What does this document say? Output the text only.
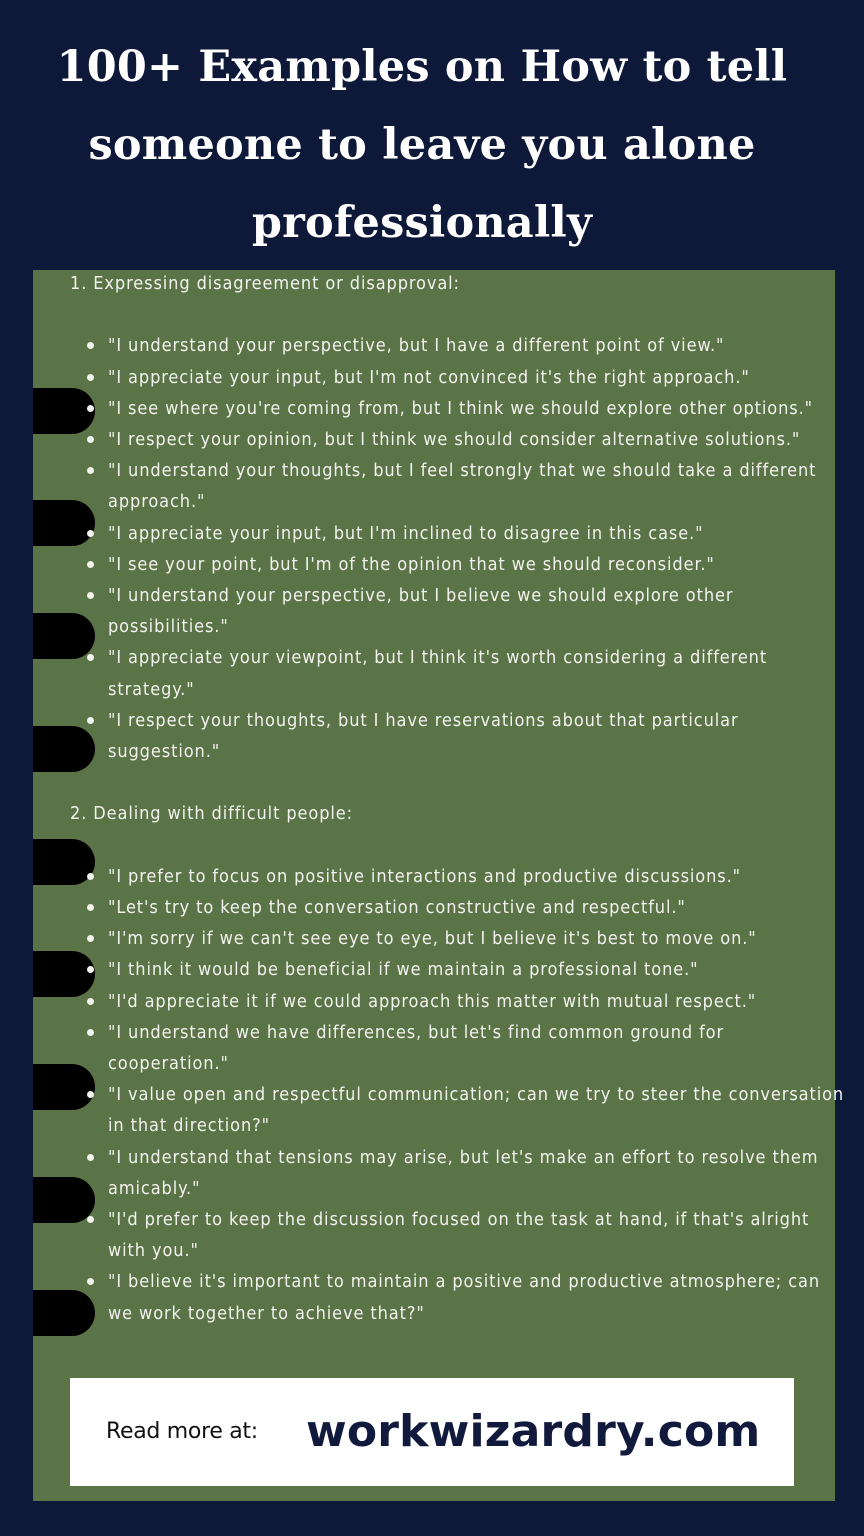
100+ Examples on How to tell
someone to leave you alone
professionally
1. Expressing disagreement or disapproval:
"I understand your perspective, but I have a different point of view."
"I appreciate your input, but I'm not convinced it's the right approach."
"I see where you're coming from, but I think we should explore other options."
"I respect your opinion, but I think we should consider alternative solutions."
"I understand your thoughts, but I feel strongly that we should take a different approach."
"I appreciate your input, but I'm inclined to disagree in this case."
"I see your point, but I'm of the opinion that we should reconsider."
"I understand your perspective, but I believe we should explore other possibilities."
"I appreciate your viewpoint, but I think it's worth considering a different strategy."
"I respect your thoughts, but I have reservations about that particular suggestion."
2. Dealing with difficult people:
"I prefer to focus on positive interactions and productive discussions."
"Let's try to keep the conversation constructive and respectful."
"I'm sorry if we can't see eye to eye, but I believe it's best to move on."
"I think it would be beneficial if we maintain a professional tone."
"I'd appreciate it if we could approach this matter with mutual respect."
"I understand we have differences, but let's find common ground for cooperation."
"I value open and respectful communication; can we try to steer the conversation in that direction?"
"I understand that tensions may arise, but let's make an effort to resolve them amicably."
"I'd prefer to keep the discussion focused on the task at hand, if that's alright with you."
"I believe it's important to maintain a positive and productive atmosphere; can we work together to achieve that?"
Read more at: workwizardry.com
